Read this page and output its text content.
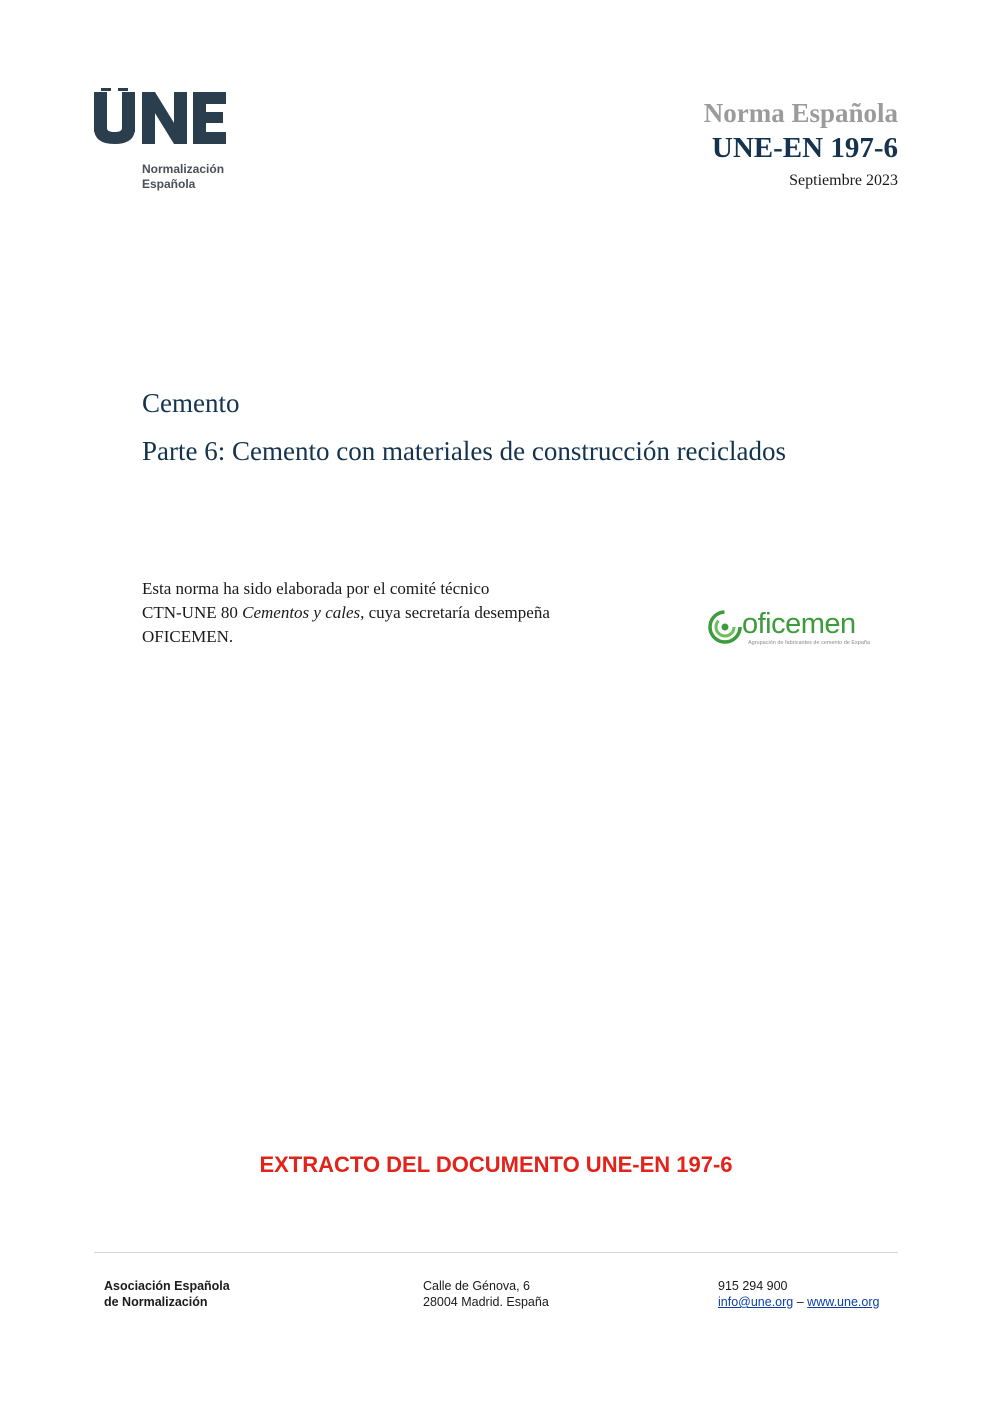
Normalización
Española
Norma Española
UNE-EN 197-6
Septiembre 2023
Cemento
Parte 6: Cemento con materiales de construcción reciclados
Esta norma ha sido elaborada por el comité técnico
CTN-UNE 80 Cementos y cales, cuya secretaría desempeña
OFICEMEN.	oficemen
Agrupación de fabricantes de cemento de España
EXTRACTO DEL DOCUMENTO UNE-EN 197-6
Asociación Española
de Normalización
Calle de Génova, 6
28004 Madrid. España
915 294 900
info@une.org – www.une.org
